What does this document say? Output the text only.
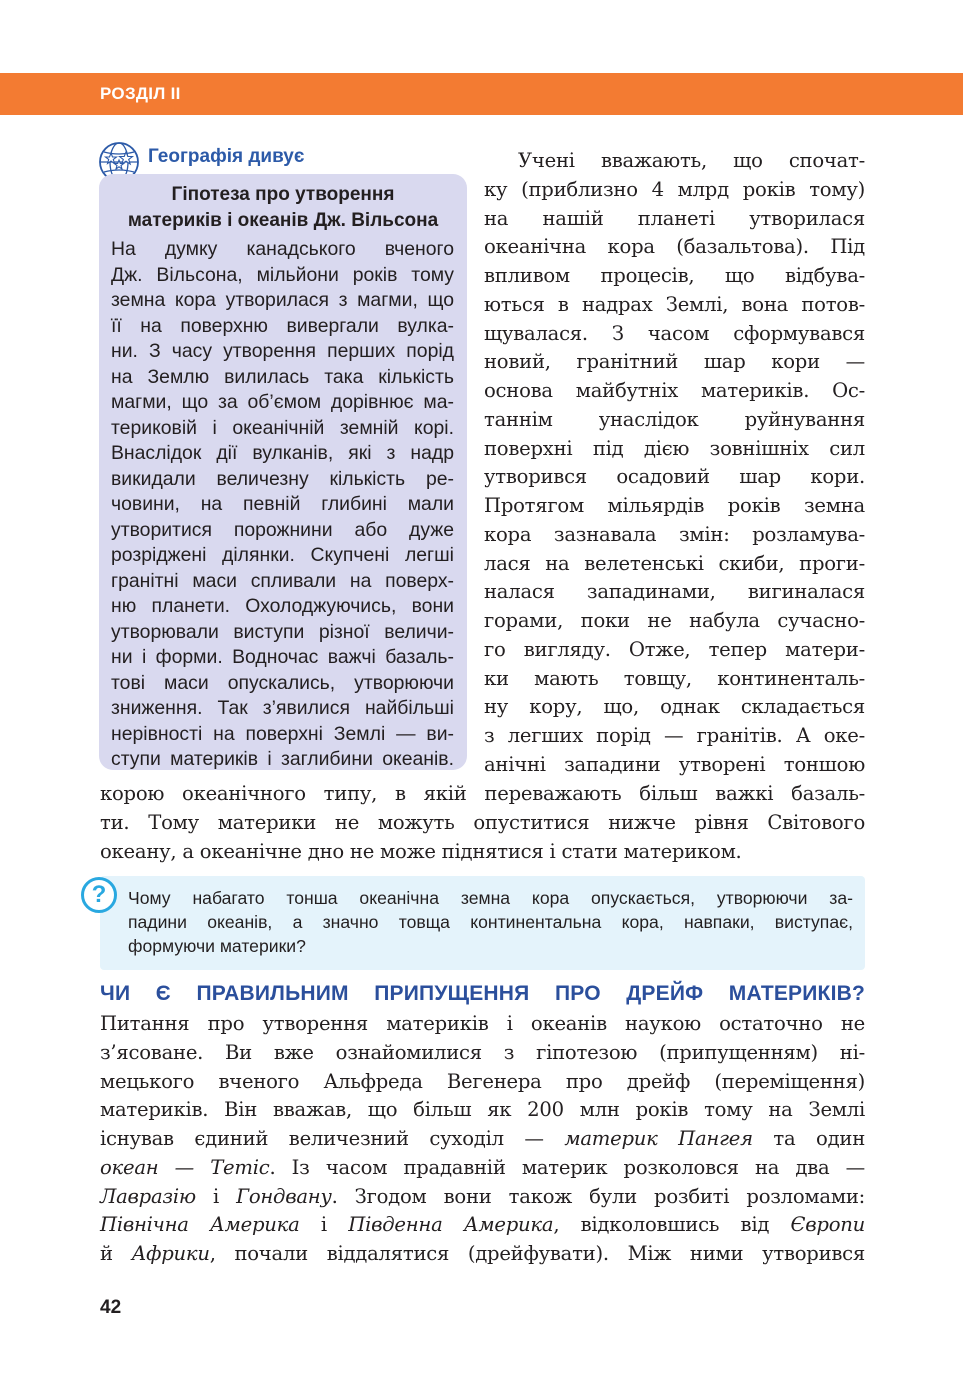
РОЗДІЛ ІІ
Географія дивує
Гіпотеза про утворення
материків і океанів Дж. Вільсона
На думку канадського вченого
Дж. Вільсона, мільйони років тому
земна кора утворилася з магми, що
її на поверхню вивергали вулка-
ни. З часу утворення перших порід
на Землю вилилась така кількість
магми, що за об’ємом дорівнює ма-
териковій і океанічній земній корі.
Внаслідок дії вулканів, які з надр
викидали величезну кількість ре-
човини, на певній глибині мали
утворитися порожнини або дуже
розріджені ділянки. Скупчені легші
гранітні маси спливали на поверх-
ню планети. Охолоджуючись, вони
утворювали виступи різної величи-
ни і форми. Водночас важчі базаль-
тові маси опускались, утворюючи
зниження. Так з’явилися найбільші
нерівності на поверхні Землі — ви-
ступи материків і заглибини океанів.
Учені вважають, що спочат-
ку (приблизно 4 млрд років тому)
на нашій планеті утворилася
океанічна кора (базальтова). Під
впливом процесів, що відбува-
ються в надрах Землі, вона потов-
щувалася. З часом сформувався
новий, гранітний шар кори —
основа майбутніх материків. Ос-
таннім унаслідок руйнування
поверхні під дією зовнішніх сил
утворився осадовий шар кори.
Протягом мільярдів років земна
кора зазнавала змін: розламува-
лася на велетенські скиби, проги-
налася западинами, вигиналася
горами, поки не набула сучасно-
го вигляду. Отже, тепер матери-
ки мають товщу, континенталь-
ну кору, що, однак складається
з легших порід — гранітів. А оке-
анічні западини утворені тоншою
корою океанічного типу, в якій переважають більш важкі базаль-
ти. Тому материки не можуть опуститися нижче рівня Світового
океану, а океанічне дно не може піднятися і стати материком.
?	Чому набагато тонша океанічна земна кора опускається, утворюючи за-
падини океанів, а значно товща континентальна кора, навпаки, виступає,
формуючи материки?
ЧИ Є ПРАВИЛЬНИМ ПРИПУЩЕННЯ ПРО ДРЕЙФ МАТЕРИКІВ?
Питання про утворення материків і океанів наукою остаточно не
з’ясоване. Ви вже ознайомилися з гіпотезою (припущенням) ні-
мецького вченого Альфреда Вегенера про дрейф (переміщення)
материків. Він вважав, що більш як 200 млн років тому на Землі
існував єдиний величезний суходіл — материк Пангея та один
океан — Тетіс. Із часом прадавній материк розколовся на два —
Лавразію і Гондвану. Згодом вони також були розбиті розломами:
Північна Америка і Південна Америка, відколовшись від Європи
й Африки, почали віддалятися (дрейфувати). Між ними утворився
42
